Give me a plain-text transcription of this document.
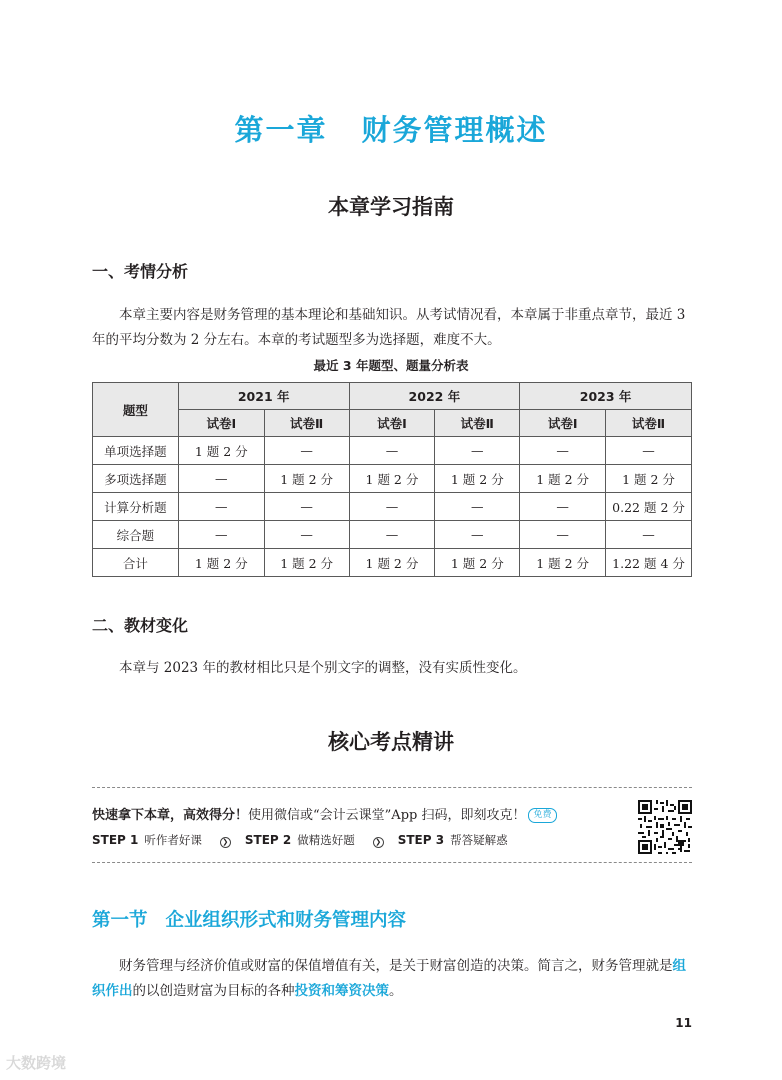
第一章 财务管理概述
本章学习指南
一、考情分析

本章主要内容是财务管理的基本理论和基础知识。从考试情况看，本章属于非重点章节，最近 3 年的平均分数为 2 分左右。本章的考试题型多为选择题，难度不大。

最近 3 年题型、题量分析表
题型	2021 年		2022 年		2023 年	
	试卷Ⅰ	试卷Ⅱ	试卷Ⅰ	试卷Ⅱ	试卷Ⅰ	试卷Ⅱ
单项选择题	1 题 2 分	—	—	—	—	—
多项选择题	—	1 题 2 分	1 题 2 分	1 题 2 分	1 题 2 分	1 题 2 分
计算分析题	—	—	—	—	—	0.22 题 2 分
综合题	—	—	—	—	—	—
合计	1 题 2 分	1 题 2 分	1 题 2 分	1 题 2 分	1 题 2 分	1.22 题 4 分
二、教材变化

本章与 2023 年的教材相比只是个别文字的调整，没有实质性变化。

核心考点精讲
快速拿下本章，高效得分！使用微信或“会计云课堂”App 扫码，即刻攻克！ 免费
STEP 1 听作者好课	❯ STEP 2 做精选好题	❯ STEP 3 帮答疑解惑
第一节 企业组织形式和财务管理内容

财务管理与经济价值或财富的保值增值有关，是关于财富创造的决策。简言之，财务管理就是组织作出的以创造财富为目标的各种投资和筹资决策。

11
大数跨境
